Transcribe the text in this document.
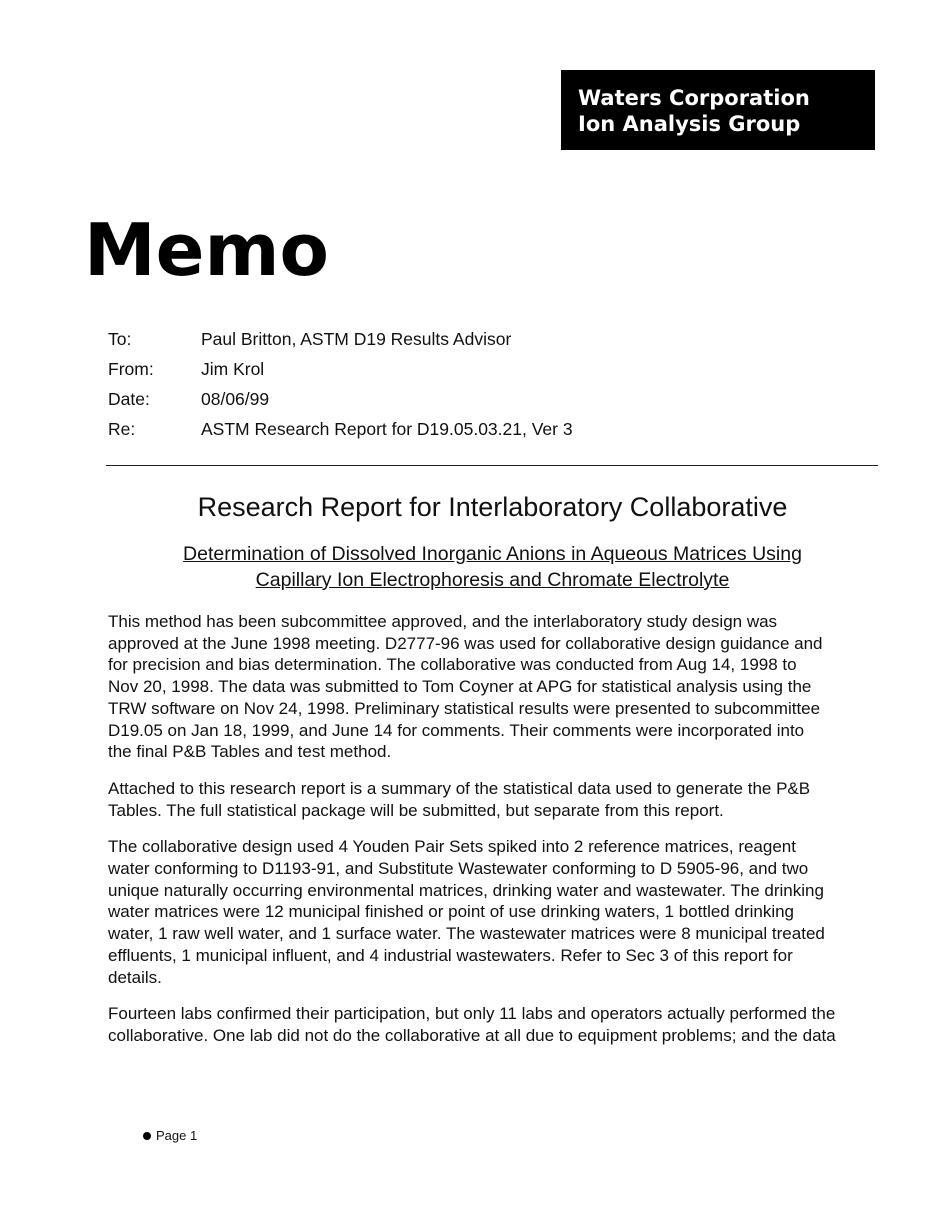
Waters Corporation
Ion Analysis Group
Memo
To:	Paul Britton, ASTM D19 Results Advisor
From:	Jim Krol
Date:	08/06/99
Re:	ASTM Research Report for D19.05.03.21, Ver 3
Research Report for Interlaboratory Collaborative
Determination of Dissolved Inorganic Anions in Aqueous Matrices Using
Capillary Ion Electrophoresis and Chromate Electrolyte

This method has been subcommittee approved, and the interlaboratory study design was
approved at the June 1998 meeting. D2777-96 was used for collaborative design guidance and
for precision and bias determination. The collaborative was conducted from Aug 14, 1998 to
Nov 20, 1998. The data was submitted to Tom Coyner at APG for statistical analysis using the
TRW software on Nov 24, 1998. Preliminary statistical results were presented to subcommittee
D19.05 on Jan 18, 1999, and June 14 for comments. Their comments were incorporated into
the final P&B Tables and test method.

Attached to this research report is a summary of the statistical data used to generate the P&B
Tables. The full statistical package will be submitted, but separate from this report.

The collaborative design used 4 Youden Pair Sets spiked into 2 reference matrices, reagent
water conforming to D1193-91, and Substitute Wastewater conforming to D 5905-96, and two
unique naturally occurring environmental matrices, drinking water and wastewater. The drinking
water matrices were 12 municipal finished or point of use drinking waters, 1 bottled drinking
water, 1 raw well water, and 1 surface water. The wastewater matrices were 8 municipal treated
effluents, 1 municipal influent, and 4 industrial wastewaters. Refer to Sec 3 of this report for
details.

Fourteen labs confirmed their participation, but only 11 labs and operators actually performed the
collaborative. One lab did not do the collaborative at all due to equipment problems; and the data

Page 1
